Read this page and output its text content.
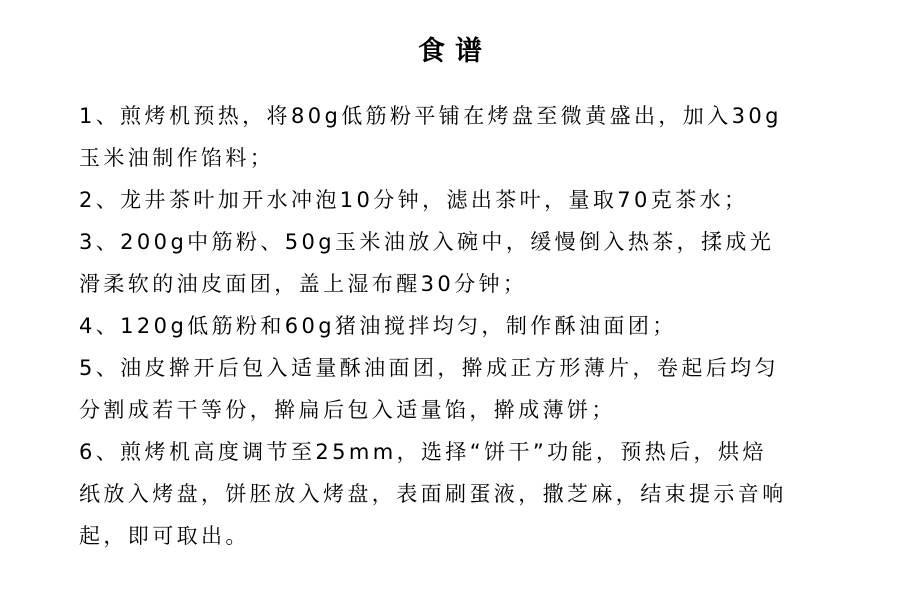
食谱
1、煎烤机预热，将80g低筋粉平铺在烤盘至微黄盛出，加入30g
玉米油制作馅料；
2、龙井茶叶加开水冲泡10分钟，滤出茶叶，量取70克茶水；
3、200g中筋粉、50g玉米油放入碗中，缓慢倒入热茶，揉成光
滑柔软的油皮面团，盖上湿布醒30分钟；
4、120g低筋粉和60g猪油搅拌均匀，制作酥油面团；
5、油皮擀开后包入适量酥油面团，擀成正方形薄片，卷起后均匀
分割成若干等份，擀扁后包入适量馅，擀成薄饼；
6、煎烤机高度调节至25mm，选择“饼干”功能，预热后，烘焙
纸放入烤盘，饼胚放入烤盘，表面刷蛋液，撒芝麻，结束提示音响
起，即可取出。
